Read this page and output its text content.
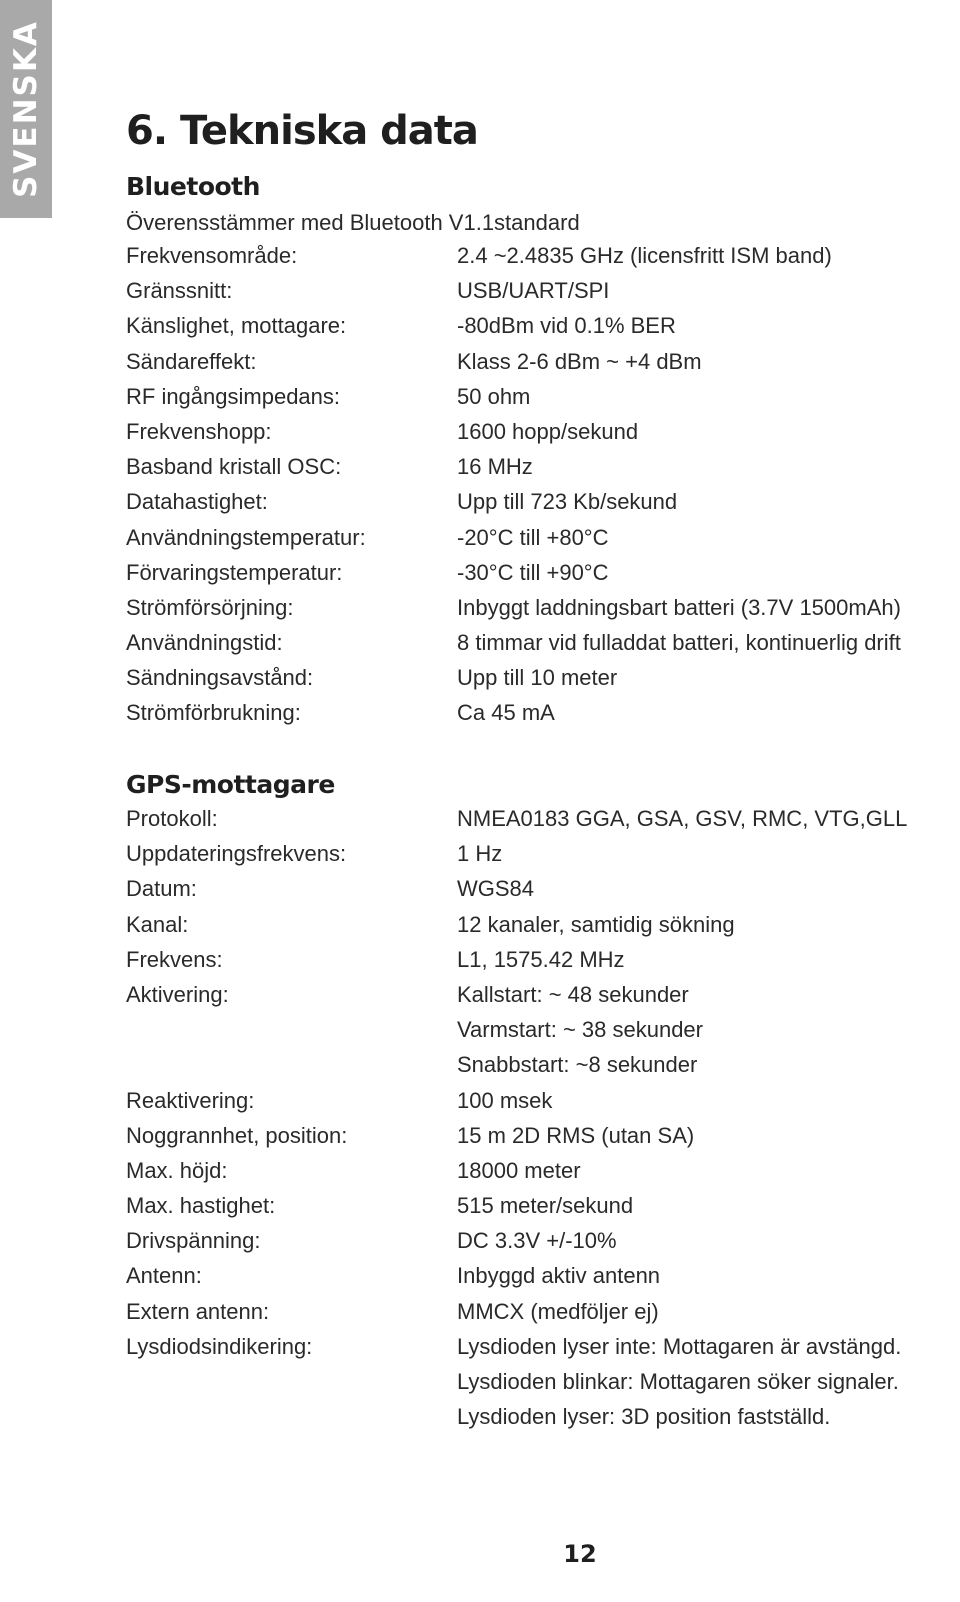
SVENSKA 6. Tekniska data
Bluetooth
Överensstämmer med Bluetooth V1.1standard
Frekvensområde:	2.4 ~2.4835 GHz (licensfritt ISM band)
Gränssnitt:	USB/UART/SPI
Känslighet, mottagare:	-80dBm vid 0.1% BER
Sändareffekt:	Klass 2-6 dBm ~ +4 dBm
RF ingångsimpedans:	50 ohm
Frekvenshopp:	1600 hopp/sekund
Basband kristall OSC:	16 MHz
Datahastighet:	Upp till 723 Kb/sekund
Användningstemperatur:	-20°C till +80°C
Förvaringstemperatur:	-30°C till +90°C
Strömförsörjning:	Inbyggt laddningsbart batteri (3.7V 1500mAh)
Användningstid:	8 timmar vid fulladdat batteri, kontinuerlig drift
Sändningsavstånd:	Upp till 10 meter
Strömförbrukning:	Ca 45 mA
GPS-mottagare
Protokoll:	NMEA0183 GGA, GSA, GSV, RMC, VTG,GLL
Uppdateringsfrekvens:	1 Hz
Datum:	WGS84
Kanal:	12 kanaler, samtidig sökning
Frekvens:	L1, 1575.42 MHz
Aktivering:	Kallstart: ~ 48 sekunder
Varmstart: ~ 38 sekunder
Snabbstart: ~8 sekunder
Reaktivering:	100 msek
Noggrannhet, position:	15 m 2D RMS (utan SA)
Max. höjd:	18000 meter
Max. hastighet:	515 meter/sekund
Drivspänning:	DC 3.3V +/-10%
Antenn:	Inbyggd aktiv antenn
Extern antenn:	MMCX (medföljer ej)
Lysdiodsindikering:	Lysdioden lyser inte: Mottagaren är avstängd.
Lysdioden blinkar: Mottagaren söker signaler.
Lysdioden lyser: 3D position fastställd.
12
